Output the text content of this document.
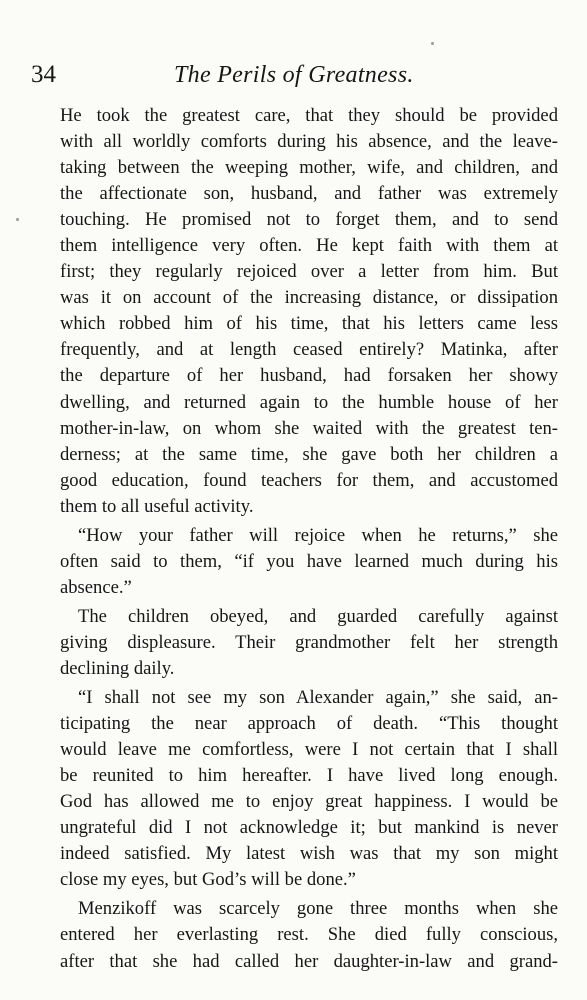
34	The Perils of Greatness.
He took the greatest care, that they should be provided
with all worldly comforts during his absence, and the leave-
taking between the weeping mother, wife, and children, and
the affectionate son, husband, and father was extremely
touching. He promised not to forget them, and to send
them intelligence very often. He kept faith with them at
first; they regularly rejoiced over a letter from him. But
was it on account of the increasing distance, or dissipation
which robbed him of his time, that his letters came less
frequently, and at length ceased entirely? Matinka, after
the departure of her husband, had forsaken her showy
dwelling, and returned again to the humble house of her
mother-in-law, on whom she waited with the greatest ten-
derness; at the same time, she gave both her children a
good education, found teachers for them, and accustomed
them to all useful activity.
“How your father will rejoice when he returns,” she
often said to them, “if you have learned much during his
absence.”
The children obeyed, and guarded carefully against
giving displeasure. Their grandmother felt her strength
declining daily.
“I shall not see my son Alexander again,” she said, an-
ticipating the near approach of death. “This thought
would leave me comfortless, were I not certain that I shall
be reunited to him hereafter. I have lived long enough.
God has allowed me to enjoy great happiness. I would be
ungrateful did I not acknowledge it; but mankind is never
indeed satisfied. My latest wish was that my son might
close my eyes, but God’s will be done.”
Menzikoff was scarcely gone three months when she
entered her everlasting rest. She died fully conscious,
after that she had called her daughter-in-law and grand-
